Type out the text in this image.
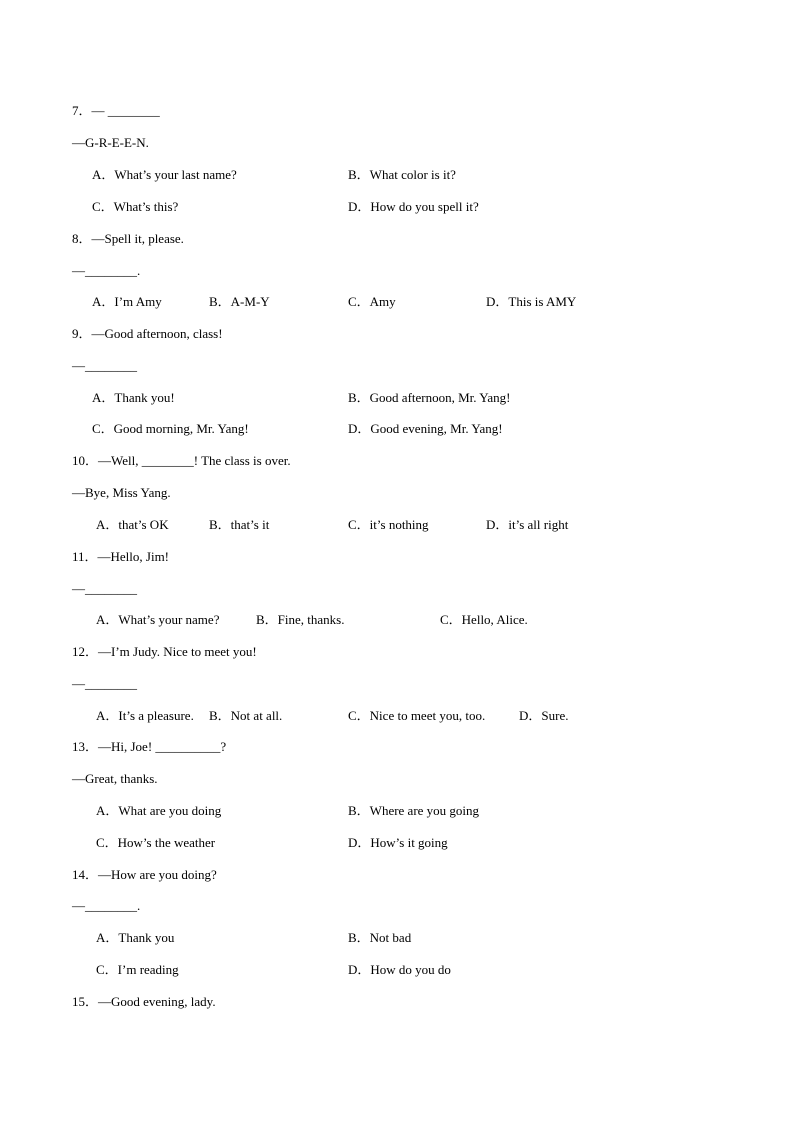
7．— ________
—G-R-E-E-N.
A．What’s your last name?	B．What color is it?
C．What’s this?	D．How do you spell it?
8．—Spell it, please.
—________.
A．I’m Amy	B．A-M-Y	C．Amy	D．This is AMY
9．—Good afternoon, class!
—________
A．Thank you!	B．Good afternoon, Mr. Yang!
C．Good morning, Mr. Yang!	D．Good evening, Mr. Yang!
10．—Well, ________! The class is over.
—Bye, Miss Yang.
A．that’s OK	B．that’s it	C．it’s nothing	D．it’s all right
11．—Hello, Jim!
—________
A．What’s your name?	B．Fine, thanks.	C．Hello, Alice.
12．—I’m Judy. Nice to meet you!
—________
A．It’s a pleasure. B．Not at all.	C．Nice to meet you, too.	D．Sure.
13．—Hi, Joe! __________?
—Great, thanks.
A．What are you doing	B．Where are you going
C．How’s the weather	D．How’s it going
14．—How are you doing?
—________.
A．Thank you	B．Not bad
C．I’m reading	D．How do you do
15．—Good evening, lady.
